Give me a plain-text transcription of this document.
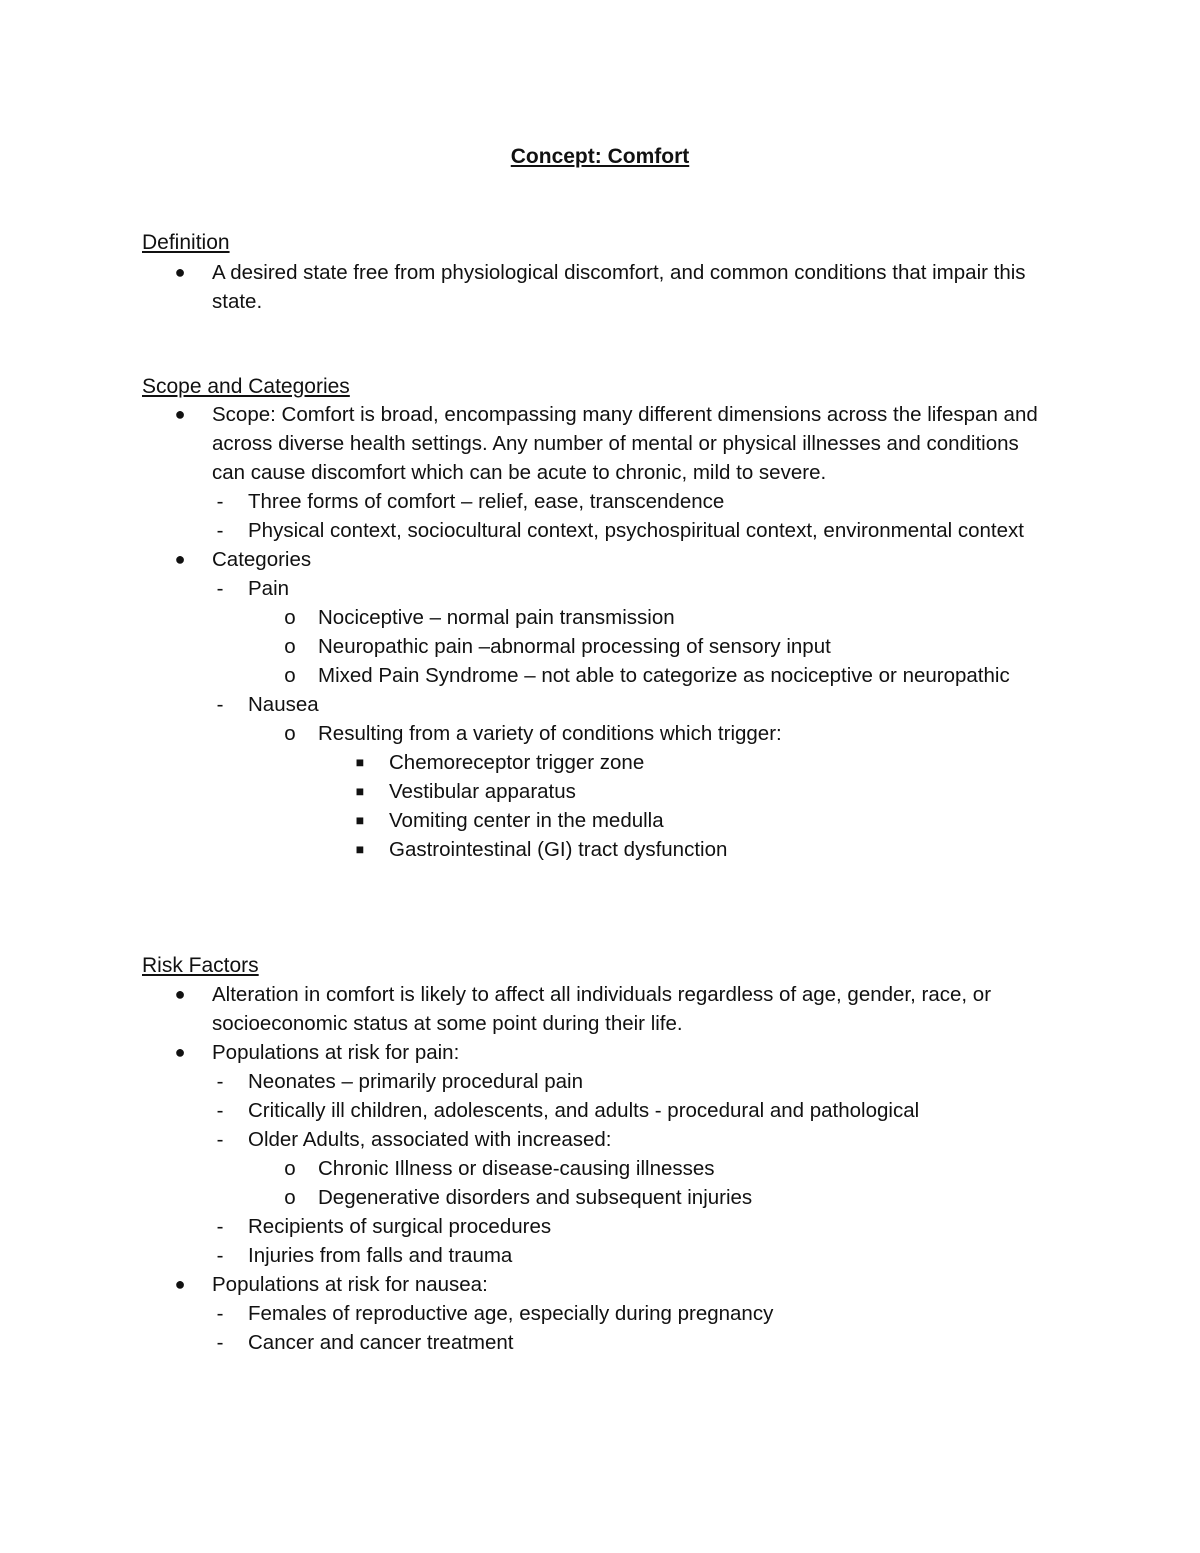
Concept: Comfort
Definition
●	A desired state free from physiological discomfort, and common conditions that impair this state.
Scope and Categories
●	Scope: Comfort is broad, encompassing many different dimensions across the lifespan and across diverse health settings. Any number of mental or physical illnesses and conditions can cause discomfort which can be acute to chronic, mild to severe.
-	Three forms of comfort – relief, ease, transcendence
-	Physical context, sociocultural context, psychospiritual context, environmental context
●	Categories
-	Pain
o	Nociceptive – normal pain transmission
o	Neuropathic pain –abnormal processing of sensory input
o	Mixed Pain Syndrome – not able to categorize as nociceptive or neuropathic
-	Nausea
o	Resulting from a variety of conditions which trigger:
■	Chemoreceptor trigger zone
■	Vestibular apparatus
■	Vomiting center in the medulla
■	Gastrointestinal (GI) tract dysfunction
Risk Factors
●	Alteration in comfort is likely to affect all individuals regardless of age, gender, race, or socioeconomic status at some point during their life.
●	Populations at risk for pain:
-	Neonates – primarily procedural pain
-	Critically ill children, adolescents, and adults - procedural and pathological
-	Older Adults, associated with increased:
o	Chronic Illness or disease-causing illnesses
o	Degenerative disorders and subsequent injuries
-	Recipients of surgical procedures
-	Injuries from falls and trauma
●	Populations at risk for nausea:
-	Females of reproductive age, especially during pregnancy
-	Cancer and cancer treatment
